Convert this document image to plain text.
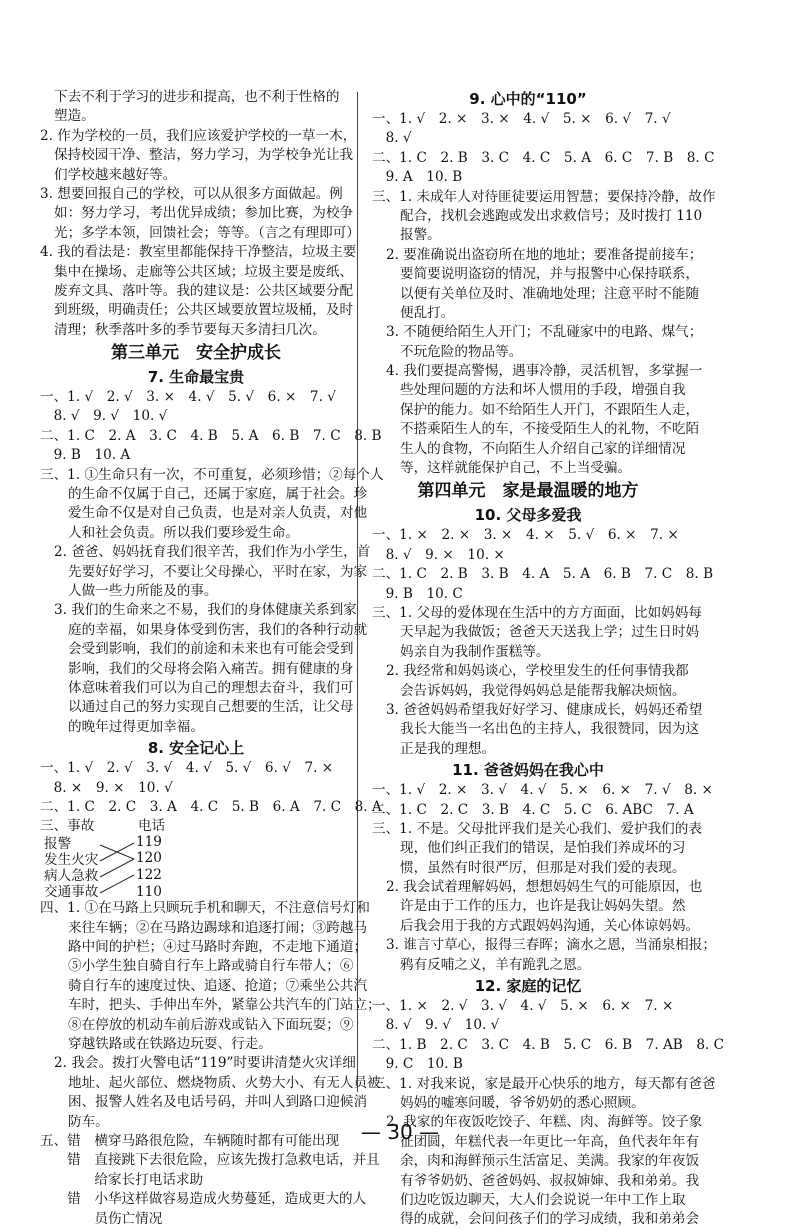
下去不利于学习的进步和提高，也不利于性格的
塑造。
2. 作为学校的一员，我们应该爱护学校的一草一木，
保持校园干净、整洁，努力学习，为学校争光让我
们学校越来越好等。
3. 想要回报自己的学校，可以从很多方面做起。例
如：努力学习，考出优异成绩；参加比赛，为校争
光；多学本领，回馈社会；等等。（言之有理即可）
4. 我的看法是：教室里都能保持干净整洁，垃圾主要
集中在操场、走廊等公共区域；垃圾主要是废纸、
废弃文具、落叶等。我的建议是：公共区域要分配
到班级，明确责任；公共区域要放置垃圾桶，及时
清理；秋季落叶多的季节要每天多清扫几次。
第三单元　安全护成长
7. 生命最宝贵
一、1. √　2. √　3. ×　4. √　5. √　6. ×　7. √
　8. √　9. √　10. √
二、1. C　2. A　3. C　4. B　5. A　6. B　7. C　8. B
　9. B　10. A
三、1. ①生命只有一次，不可重复，必须珍惜；②每个人
的生命不仅属于自己，还属于家庭，属于社会。珍
爱生命不仅是对自己负责，也是对亲人负责，对他
人和社会负责。所以我们要珍爱生命。
2. 爸爸、妈妈抚育我们很辛苦，我们作为小学生，首
先要好好学习，不要让父母操心，平时在家，为家
人做一些力所能及的事。
3. 我们的生命来之不易，我们的身体健康关系到家
庭的幸福，如果身体受到伤害，我们的各种行动就
会受到影响，我们的前途和未来也有可能会受到
影响，我们的父母将会陷入痛苦。拥有健康的身
体意味着我们可以为自己的理想去奋斗，我们可
以通过自己的努力实现自己想要的生活，让父母
的晚年过得更加幸福。
8. 安全记心上
一、1. √　2. √　3. √　4. √　5. √　6. √　7. ×
　8. ×　9. ×　10. √
二、1. C　2. C　3. A　4. C　5. B　6. A　7. C　8. A
三、事故	电话
报警
发生火灾
病人急救
交通事故
119
120
122
110
四、1. ①在马路上只顾玩手机和聊天，不注意信号灯和
来往车辆；②在马路边踢球和追逐打闹；③跨越马
路中间的护栏；④过马路时奔跑，不走地下通道；
⑤小学生独自骑自行车上路或骑自行车带人；⑥
骑自行车的速度过快、追逐、抢道；⑦乘坐公共汽
车时，把头、手伸出车外，紧靠公共汽车的门站立；
⑧在停放的机动车前后游戏或钻入下面玩耍；⑨
穿越铁路或在铁路边玩耍、行走。
2. 我会。拨打火警电话“119”时要讲清楚火灾详细
地址、起火部位、燃烧物质、火势大小、有无人员被
困、报警人姓名及电话号码，并叫人到路口迎候消
防车。
五、错　横穿马路很危险，车辆随时都有可能出现
　　错　直接跳下去很危险，应该先拨打急救电话，并且
　　　　给家长打电话求助
　　错　小华这样做容易造成火势蔓延，造成更大的人
　　　　员伤亡情况
9. 心中的“110”
一、1. √　2. ×　3. ×　4. √　5. ×　6. √　7. √
　8. √
二、1. C　2. B　3. C　4. C　5. A　6. C　7. B　8. C
　9. A　10. B
三、1. 未成年人对待匪徒要运用智慧；要保持冷静，故作
配合，找机会逃跑或发出求救信号；及时拨打 110
报警。
2. 要准确说出盗窃所在地的地址；要准备提前接车；
要简要说明盗窃的情况，并与报警中心保持联系，
以便有关单位及时、准确地处理；注意平时不能随
便乱打。
3. 不随便给陌生人开门；不乱碰家中的电路、煤气；
不玩危险的物品等。
4. 我们要提高警惕，遇事冷静，灵活机智，多掌握一
些处理问题的方法和坏人惯用的手段，增强自我
保护的能力。如不给陌生人开门，不跟陌生人走，
不搭乘陌生人的车，不接受陌生人的礼物，不吃陌
生人的食物，不向陌生人介绍自己家的详细情况
等，这样就能保护自己，不上当受骗。
第四单元　家是最温暖的地方
10. 父母多爱我
一、1. ×　2. ×　3. ×　4. ×　5. √　6. ×　7. ×
　8. √　9. ×　10. ×
二、1. C　2. B　3. B　4. A　5. A　6. B　7. C　8. B
　9. B　10. C
三、1. 父母的爱体现在生活中的方方面面，比如妈妈每
天早起为我做饭；爸爸天天送我上学；过生日时妈
妈亲自为我制作蛋糕等。
2. 我经常和妈妈谈心，学校里发生的任何事情我都
会告诉妈妈，我觉得妈妈总是能帮我解决烦恼。
3. 爸爸妈妈希望我好好学习、健康成长，妈妈还希望
我长大能当一名出色的主持人，我很赞同，因为这
正是我的理想。
11. 爸爸妈妈在我心中
一、1. √　2. ×　3. √　4. √　5. ×　6. ×　7. √　8. ×
二、1. C　2. C　3. B　4. C　5. C　6. ABC　7. A
三、1. 不是。父母批评我们是关心我们、爱护我们的表
现，他们纠正我们的错误，是怕我们养成坏的习
惯，虽然有时很严厉，但那是对我们爱的表现。
2. 我会试着理解妈妈，想想妈妈生气的可能原因，也
许是由于工作的压力，也许是我让妈妈失望。然
后我会用于我的方式跟妈妈沟通，关心体谅妈妈。
3. 谁言寸草心，报得三春晖；滴水之恩，当涌泉相报；
鸦有反哺之义，羊有跪乳之恩。
12. 家庭的记忆
一、1. ×　2. √　3. √　4. √　5. ×　6. ×　7. ×
　8. √　9. √　10. √
二、1. B　2. C　3. C　4. B　5. C　6. B　7. AB　8. C
　9. C　10. B
三、1. 对我来说，家是最开心快乐的地方，每天都有爸爸
妈妈的嘘寒问暖，爷爷奶奶的悉心照顾。
2. 我家的年夜饭吃饺子、年糕、肉、海鲜等。饺子象
征团圆，年糕代表一年更比一年高，鱼代表年年有
余，肉和海鲜预示生活富足、美满。我家的年夜饭
有爷爷奶奶、爸爸妈妈、叔叔婶婶、我和弟弟。我
们边吃饭边聊天，大人们会说说一年中工作上取
得的成就，会问问孩子们的学习成绩，我和弟弟会
— 30 —
